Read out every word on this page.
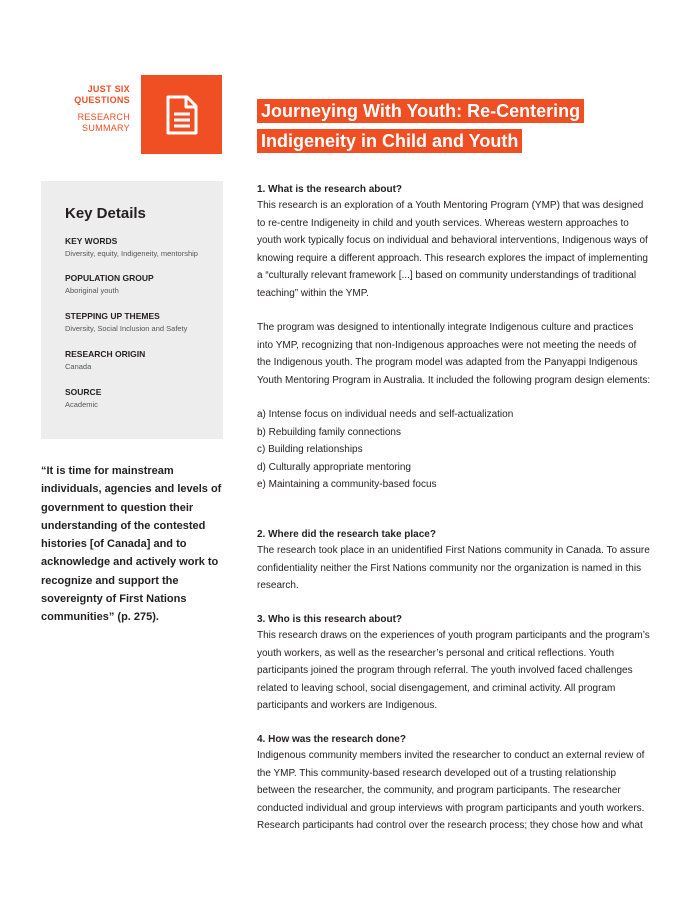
JUST SIX
QUESTIONS
RESEARCH
SUMMARY
Journeying With Youth: Re-Centering
Indigeneity in Child and Youth
Key Details
KEY WORDS
Diversity, equity, Indigeneity, mentorship
POPULATION GROUP
Aboriginal youth
STEPPING UP THEMES
Diversity, Social Inclusion and Safety
RESEARCH ORIGIN
Canada
SOURCE
Academic
“It is time for mainstream individuals, agencies and levels of government to question their understanding of the contested histories [of Canada] and to acknowledge and actively work to recognize and support the sovereignty of First Nations communities” (p. 275).
1. What is the research about?

This research is an exploration of a Youth Mentoring Program (YMP) that was designed to re-centre Indigeneity in child and youth services. Whereas western approaches to youth work typically focus on individual and behavioral interventions, Indigenous ways of knowing require a different approach. This research explores the impact of implementing a “culturally relevant framework [...] based on community understandings of traditional teaching” within the YMP.

The program was designed to intentionally integrate Indigenous culture and practices into YMP, recognizing that non-Indigenous approaches were not meeting the needs of the Indigenous youth. The program model was adapted from the Panyappi Indigenous Youth Mentoring Program in Australia. It included the following program design elements:

a) Intense focus on individual needs and self-actualization
b) Rebuilding family connections
c) Building relationships
d) Culturally appropriate mentoring
e) Maintaining a community-based focus
2. Where did the research take place?

The research took place in an unidentified First Nations community in Canada. To assure confidentiality neither the First Nations community nor the organization is named in this research.

3. Who is this research about?

This research draws on the experiences of youth program participants and the program’s youth workers, as well as the researcher’s personal and critical reflections. Youth participants joined the program through referral. The youth involved faced challenges related to leaving school, social disengagement, and criminal activity. All program participants and workers are Indigenous.

4. How was the research done?

Indigenous community members invited the researcher to conduct an external review of the YMP. This community-based research developed out of a trusting relationship between the researcher, the community, and program participants. The researcher conducted individual and group interviews with program participants and youth workers. Research participants had control over the research process; they chose how and what
